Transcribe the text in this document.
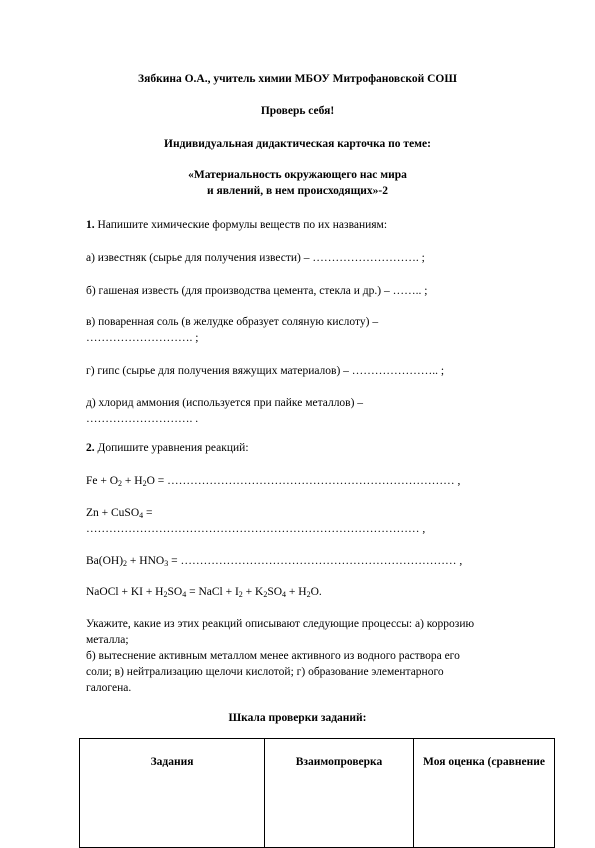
Зябкина О.А., учитель химии МБОУ Митрофановской СОШ
Проверь себя!
Индивидуальная дидактическая карточка по теме:
«Материальность окружающего нас мира
и явлений, в нем происходящих»-2
1. Напишите химические формулы веществ по их названиям:
а) известняк (сырье для получения извести) – ………………………. ;
б) гашеная известь (для производства цемента, стекла и др.) – …….. ;
в) поваренная соль (в желудке образует соляную кислоту) –
………………………. ;
г) гипс (сырье для получения вяжущих материалов) – ………………….. ;
д) хлорид аммония (используется при пайке металлов) –
………………………. .
2. Допишите уравнения реакций:
$Fe + O_2 + H_2O$ = ………………………………………………………………… ,
Zn + CuSO$_4$ =
…………………………………………………………………………… ,
$Ba(OH)_2 + HNO_3$ = ……………………………………………………………… ,
NaOCl + KI + $H_2SO_4$ = NaCl + $I_2 + K_2SO_4 + H_2O$.
Укажите, какие из этих реакций описывают следующие процессы: а) коррозию
металла;
б) вытеснение активным металлом менее активного из водного раствора его
соли; в) нейтрализацию щелочи кислотой; г) образование элементарного
галогена.
Шкала проверки заданий:
Задания	Взаимопроверка	Моя оценка (сравнение
